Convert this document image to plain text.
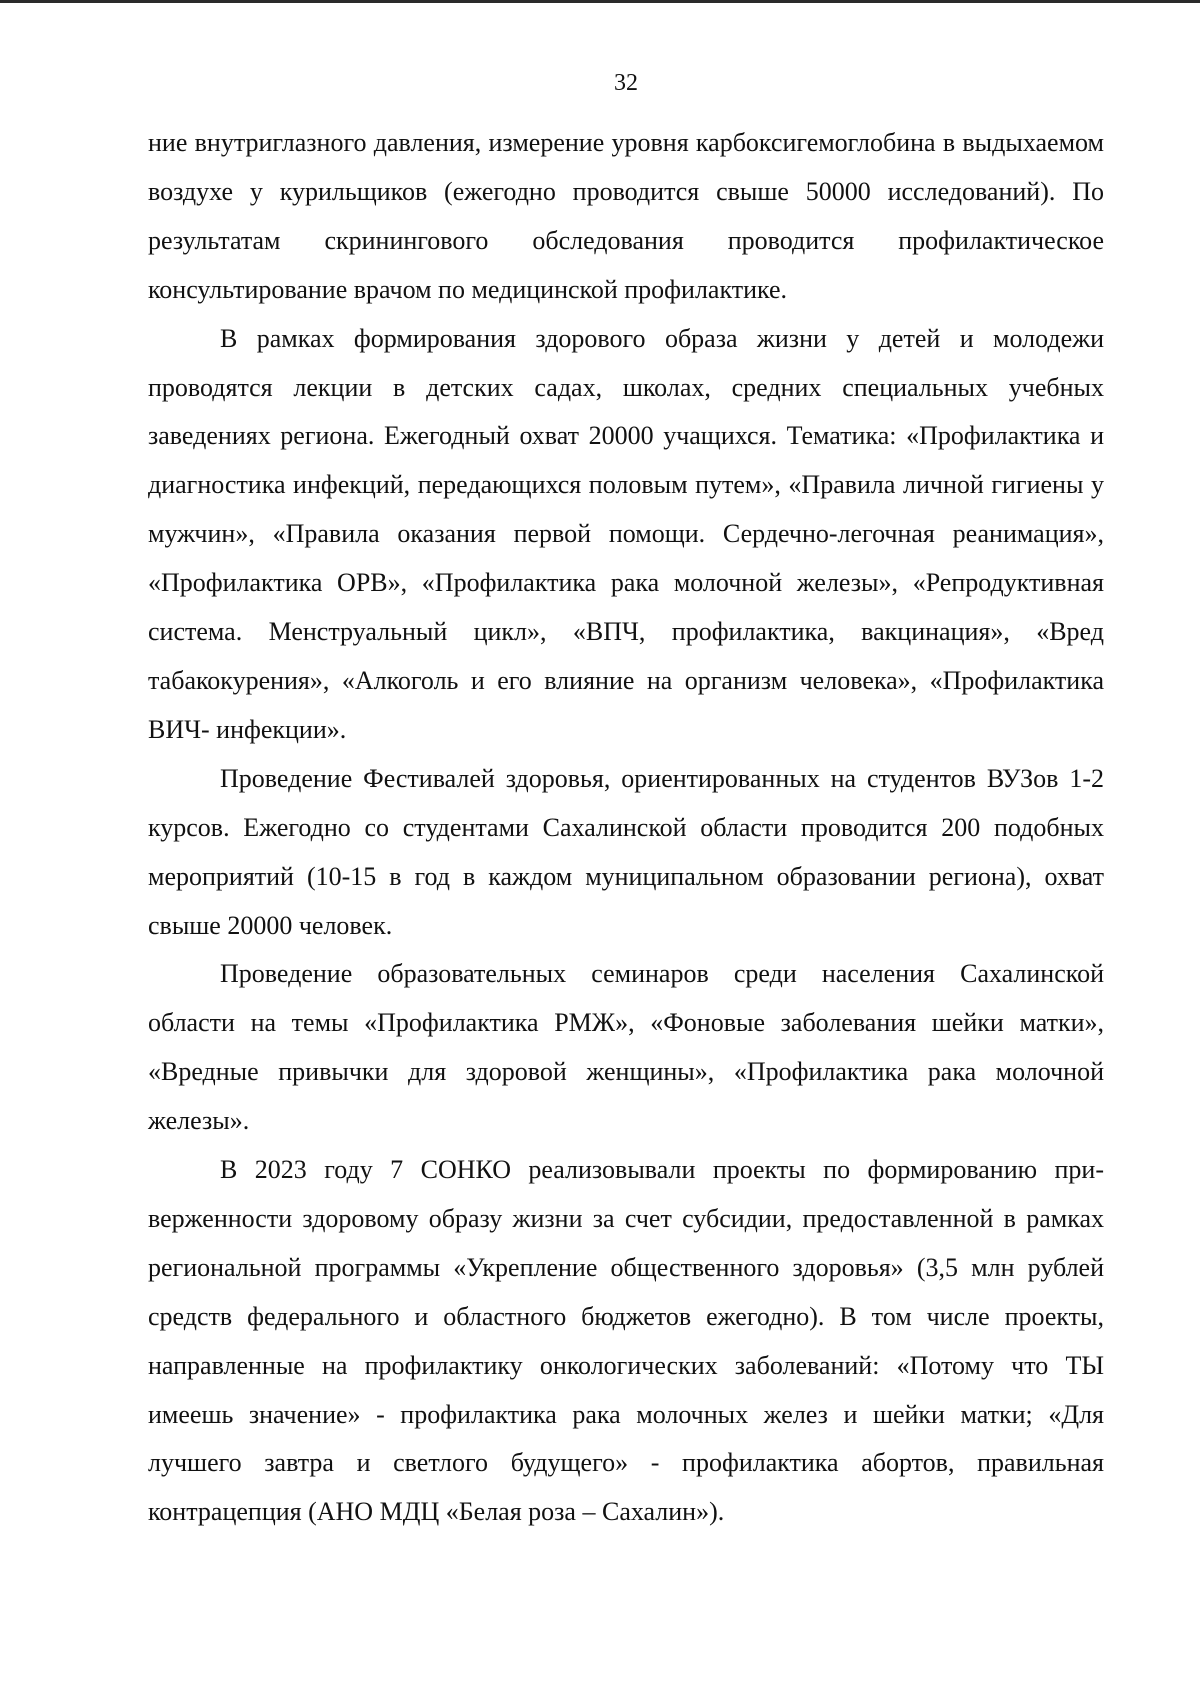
32

ние внутриглазного давления, измерение уровня карбоксигемоглобина в выдыхаемом воздухе у курильщиков (ежегодно проводится свыше 50000 исследований). По результатам скринингового обследования проводится профилактическое консультирование врачом по медицинской профилактике.

В рамках формирования здорового образа жизни у детей и молодежи проводятся лекции в детских садах, школах, средних специальных учебных заведениях региона. Ежегодный охват 20000 учащихся. Тематика: «Профилактика и диагностика инфекций, передающихся половым путем», «Правила личной гигиены у мужчин», «Правила оказания первой помощи. Сердечно-легочная реанимация», «Профилактика ОРВ», «Профилактика рака молочной железы», «Репродуктивная система. Менструальный цикл», «ВПЧ, профилактика, вакцинация», «Вред табакокурения», «Алкоголь и его влияние на организм человека», «Профилактика ВИЧ- инфекции».

Проведение Фестивалей здоровья, ориентированных на студентов ВУЗов 1-2 курсов. Ежегодно со студентами Сахалинской области проводится 200 подобных мероприятий (10-15 в год в каждом муниципальном образовании региона), охват свыше 20000 человек.

Проведение образовательных семинаров среди населения Сахалинской области на темы «Профилактика РМЖ», «Фоновые заболевания шейки матки», «Вредные привычки для здоровой женщины», «Профилактика рака молочной железы».

В 2023 году 7 СОНКО реализовывали проекты по формированию приверженности здоровому образу жизни за счет субсидии, предоставленной в рамках региональной программы «Укрепление общественного здоровья» (3,5 млн рублей средств федерального и областного бюджетов ежегодно). В том числе проекты, направленные на профилактику онкологических заболеваний: «Потому что ТЫ имеешь значение» - профилактика рака молочных желез и шейки матки; «Для лучшего завтра и светлого будущего» - профилактика абортов, правильная контрацепция (АНО МДЦ «Белая роза – Сахалин»).
